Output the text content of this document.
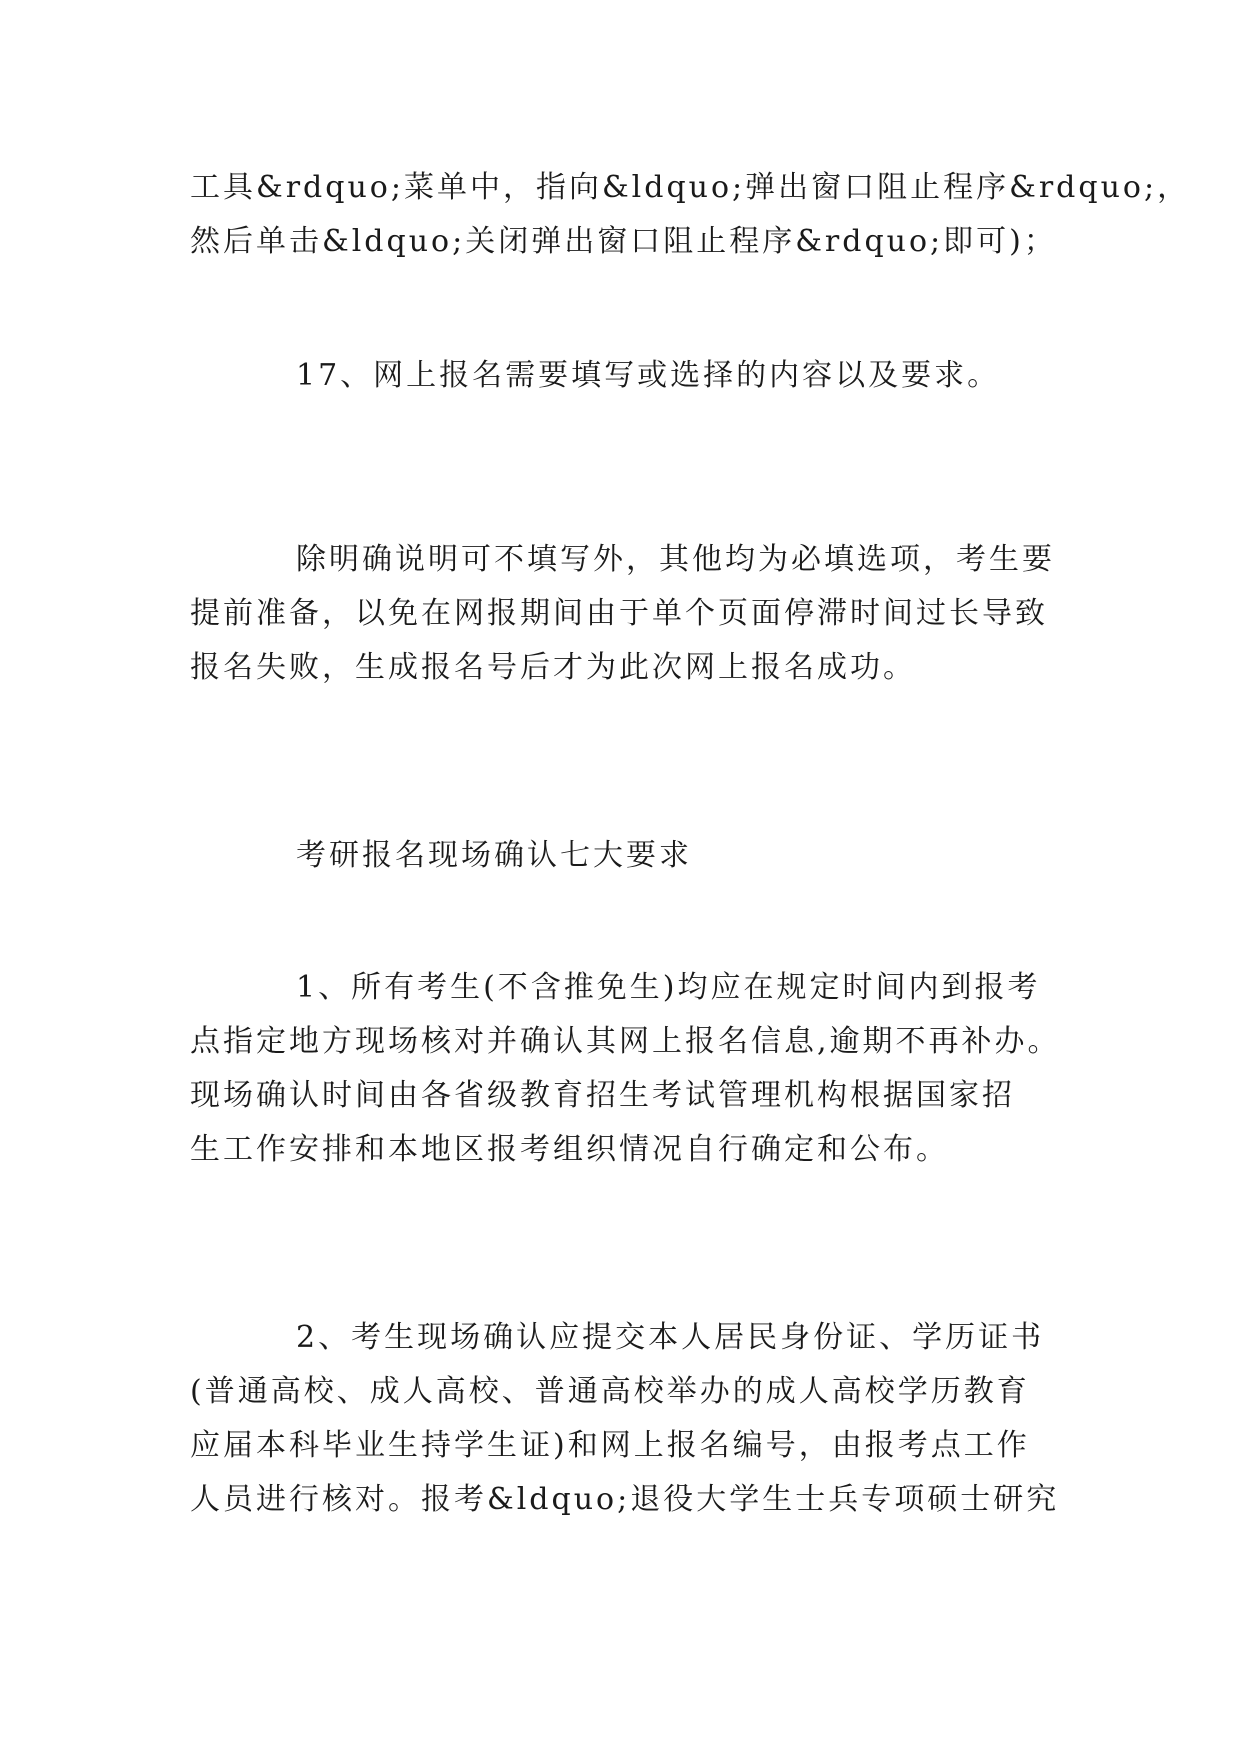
工具&rdquo;菜单中，指向&ldquo;弹出窗口阻止程序&rdquo;，

然后单击&ldquo;关闭弹出窗口阻止程序&rdquo;即可)；

17、网上报名需要填写或选择的内容以及要求。

除明确说明可不填写外，其他均为必填选项，考生要

提前准备，以免在网报期间由于单个页面停滞时间过长导致

报名失败，生成报名号后才为此次网上报名成功。

考研报名现场确认七大要求

1、所有考生(不含推免生)均应在规定时间内到报考

点指定地方现场核对并确认其网上报名信息,逾期不再补办。

现场确认时间由各省级教育招生考试管理机构根据国家招

生工作安排和本地区报考组织情况自行确定和公布。

2、考生现场确认应提交本人居民身份证、学历证书

(普通高校、成人高校、普通高校举办的成人高校学历教育

应届本科毕业生持学生证)和网上报名编号，由报考点工作

人员进行核对。报考&ldquo;退役大学生士兵专项硕士研究
